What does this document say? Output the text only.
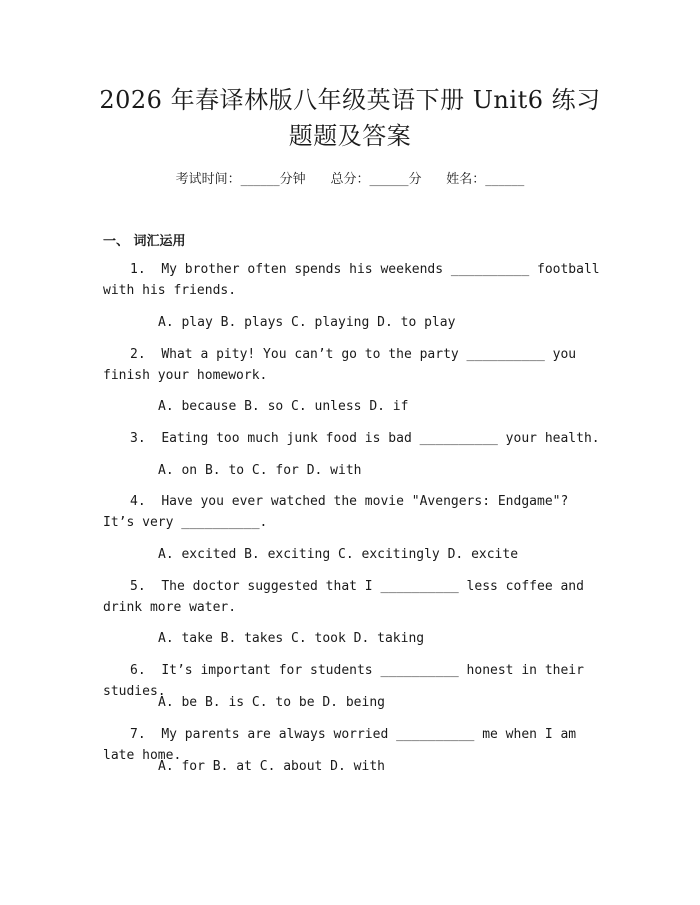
2026 年春译林版八年级英语下册 Unit6 练习
题题及答案
考试时间：______分钟 总分：______分 姓名：______
一、 词汇运用
1. My brother often spends his weekends __________ football with his friends.
A. play B. plays C. playing D. to play
2. What a pity! You can’t go to the party __________ you finish your homework.
A. because B. so C. unless D. if
3. Eating too much junk food is bad __________ your health.
A. on B. to C. for D. with
4. Have you ever watched the movie "Avengers: Endgame"? It’s very __________.
A. excited B. exciting C. excitingly D. excite
5. The doctor suggested that I __________ less coffee and drink more water.
A. take B. takes C. took D. taking
6. It’s important for students __________ honest in their studies.
A. be B. is C. to be D. being
7. My parents are always worried __________ me when I am late home.
A. for B. at C. about D. with
